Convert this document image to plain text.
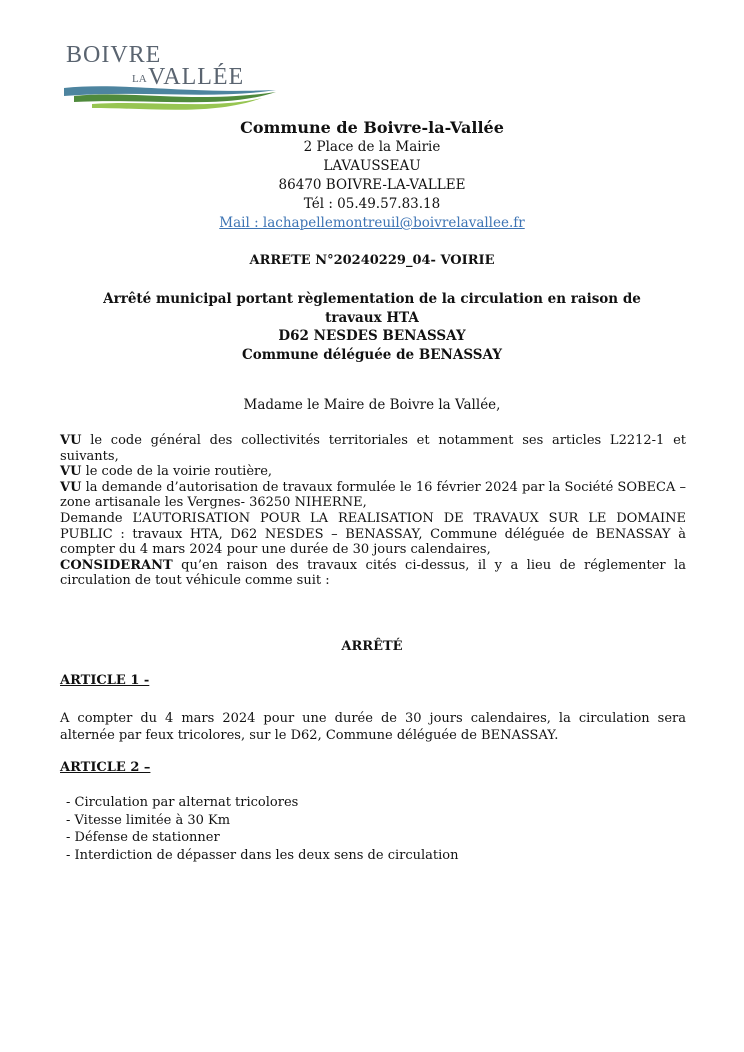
BOIVRE
LA VALLÉE
Commune de Boivre-la-Vallée
2 Place de la Mairie
LAVAUSSEAU
86470 BOIVRE-LA-VALLEE
Tél : 05.49.57.83.18
Mail : lachapellemontreuil@boivrelavallee.fr
ARRETE N°20240229_04- VOIRIE
Arrêté municipal portant règlementation de la circulation en raison de
travaux HTA
D62 NESDES BENASSAY
Commune déléguée de BENASSAY
Madame le Maire de Boivre la Vallée,

VU le code général des collectivités territoriales et notamment ses articles L2212-1 et suivants,

VU le code de la voirie routière,

VU la demande d’autorisation de travaux formulée le 16 février 2024 par la Société SOBECA – zone artisanale les Vergnes- 36250 NIHERNE,

Demande L’AUTORISATION POUR LA REALISATION DE TRAVAUX SUR LE DOMAINE PUBLIC : travaux HTA, D62 NESDES – BENASSAY, Commune déléguée de BENASSAY à compter du 4 mars 2024 pour une durée de 30 jours calendaires,

CONSIDERANT qu’en raison des travaux cités ci-dessus, il y a lieu de réglementer la circulation de tout véhicule comme suit :

ARRÊTÉ
ARTICLE 1 -

A compter du 4 mars 2024 pour une durée de 30 jours calendaires, la circulation sera alternée par feux tricolores, sur le D62, Commune déléguée de BENASSAY.

ARTICLE 2 –
- Circulation par alternat tricolores
- Vitesse limitée à 30 Km
- Défense de stationner
- Interdiction de dépasser dans les deux sens de circulation
